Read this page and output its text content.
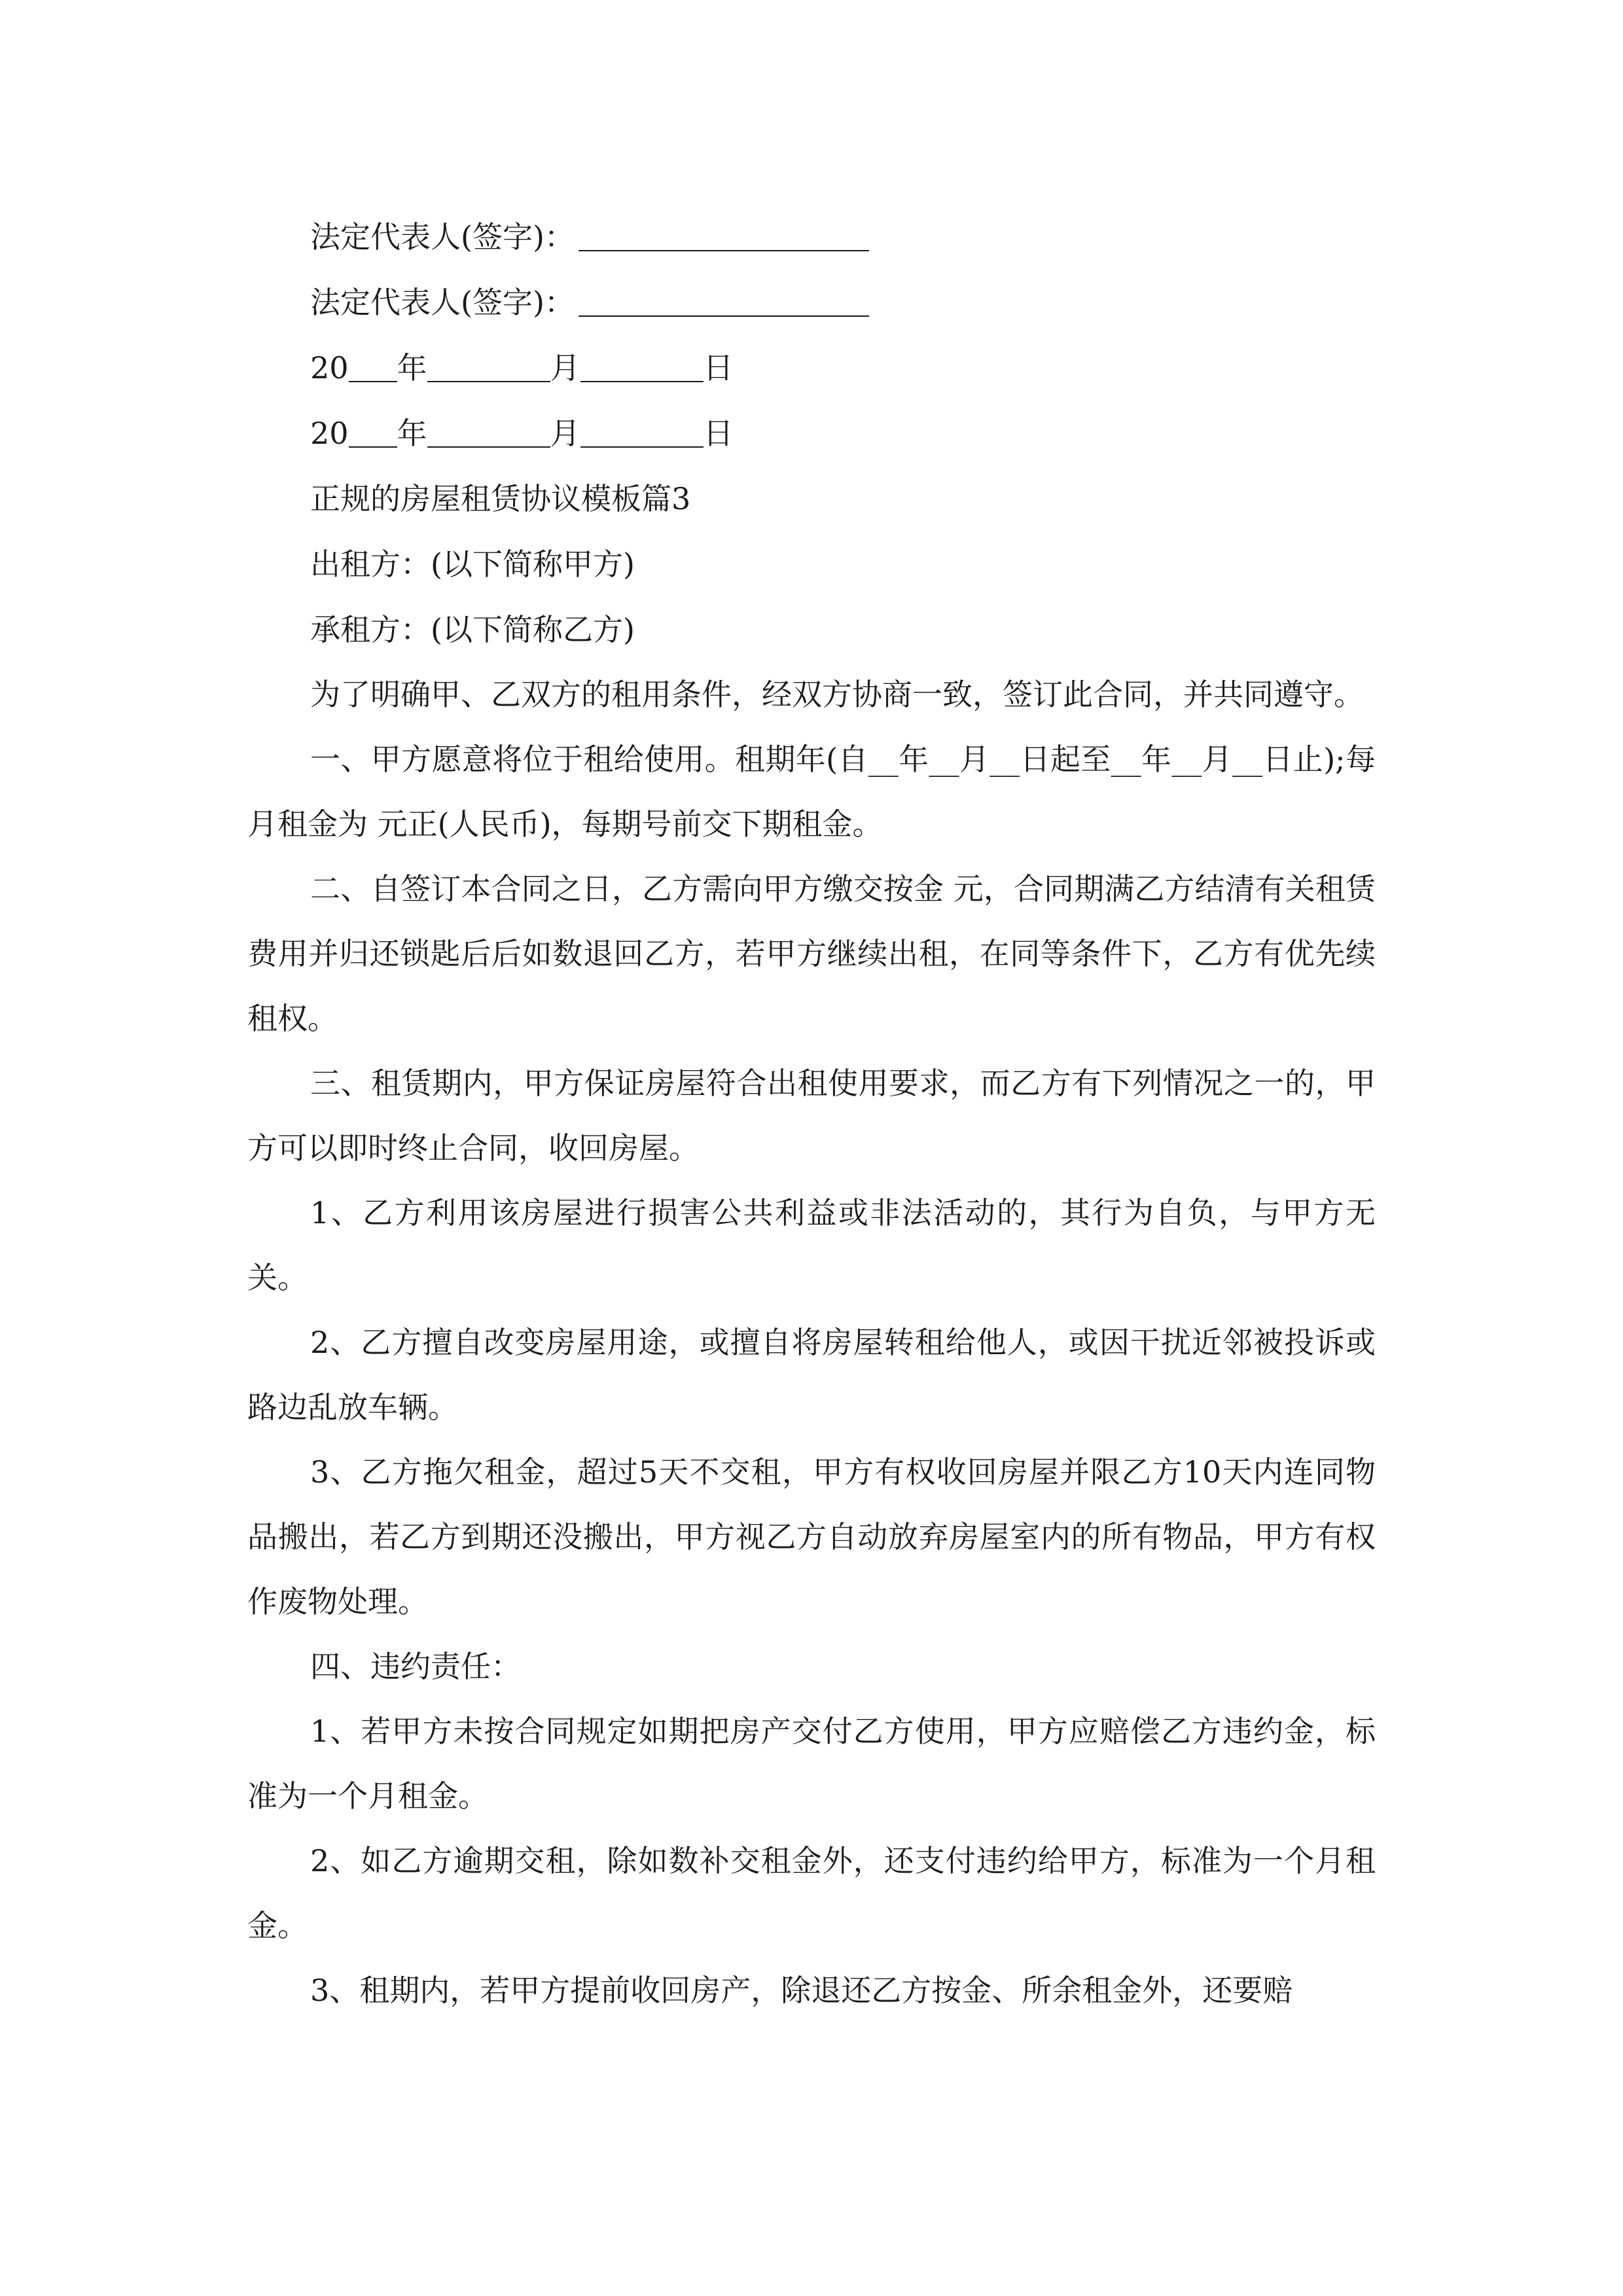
法定代表人(签字)：
法定代表人(签字)：
20 年	月	日
20 年	月	日
正规的房屋租赁协议模板篇3
出租方：(以下简称甲方)
承租方：(以下简称乙方)

为了明确甲、乙双方的租用条件，经双方协商一致，签订此合同，并共同遵守。

一、甲方愿意将位于租给使用。租期年(自__年__月__日起至__年__月__日止);每月租金为 元正(人民币)，每期号前交下期租金。

二、自签订本合同之日，乙方需向甲方缴交按金 元，合同期满乙方结清有关租赁费用并归还锁匙后后如数退回乙方，若甲方继续出租，在同等条件下，乙方有优先续租权。

三、租赁期内，甲方保证房屋符合出租使用要求，而乙方有下列情况之一的，甲方可以即时终止合同，收回房屋。

1、乙方利用该房屋进行损害公共利益或非法活动的，其行为自负，与甲方无关。

2、乙方擅自改变房屋用途，或擅自将房屋转租给他人，或因干扰近邻被投诉或路边乱放车辆。

3、乙方拖欠租金，超过5天不交租，甲方有权收回房屋并限乙方10天内连同物品搬出，若乙方到期还没搬出，甲方视乙方自动放弃房屋室内的所有物品，甲方有权作废物处理。

四、违约责任：

1、若甲方未按合同规定如期把房产交付乙方使用，甲方应赔偿乙方违约金，标准为一个月租金。

2、如乙方逾期交租，除如数补交租金外，还支付违约给甲方，标准为一个月租金。

3、租期内，若甲方提前收回房产，除退还乙方按金、所余租金外，还要赔
